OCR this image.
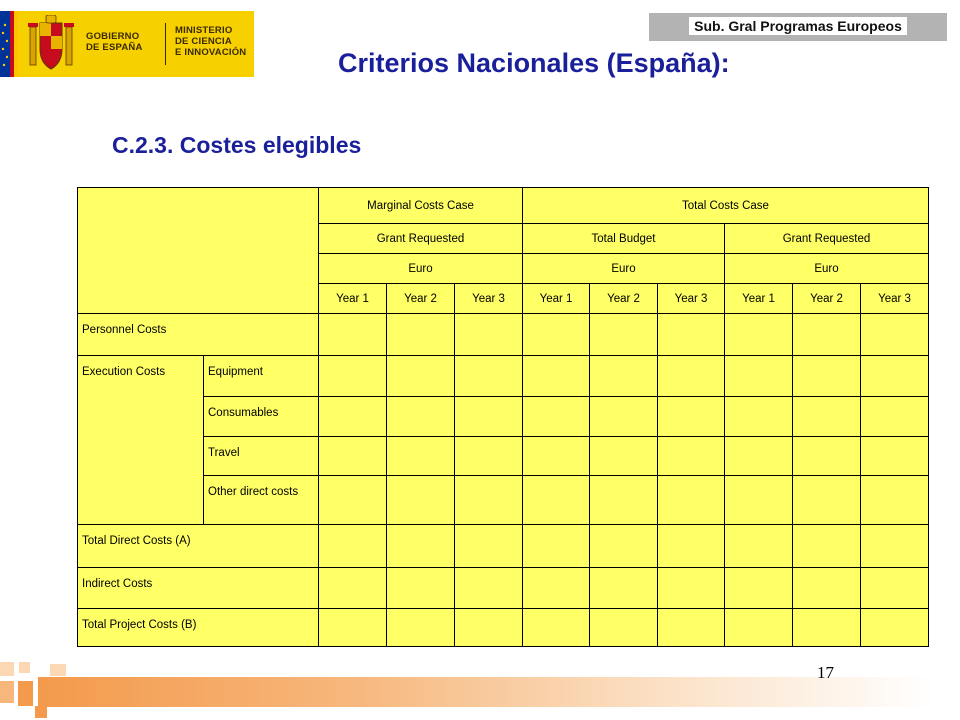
GOBIERNO
DE ESPAÑA
MINISTERIO
DE CIENCIA
E INNOVACIÓN
Sub. Gral Programas Europeos
Criterios Nacionales (España):
C.2.3. Costes elegibles
		Marginal Costs Case			Total Costs Case					
		Grant Requested			Total Budget			Grant Requested		
		Euro			Euro			Euro		
		Year 1	Year 2	Year 3	Year 1	Year 2	Year 3	Year 1	Year 2	Year 3
Personnel Costs										
Execution Costs	Equipment									
	Consumables									
	Travel									
	Other direct costs									
Total Direct Costs (A)										
Indirect Costs										
Total Project Costs (B)										
17
